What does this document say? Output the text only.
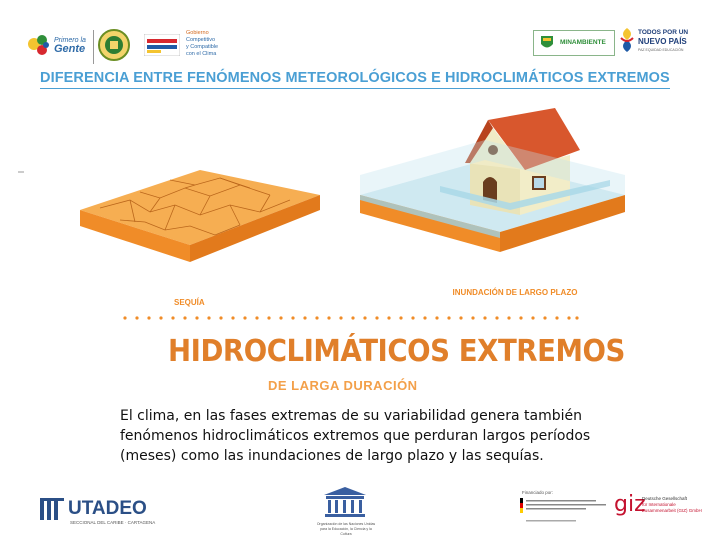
Primero la
Gente
Gobierno
Competitivo
y Compatible
con el Clima
MINAMBIENTE
TODOS POR UN
NUEVO PAÍS
PAZ EQUIDAD EDUCACIÓN
DIFERENCIA ENTRE FENÓMENOS METEOROLÓGICOS E HIDROCLIMÁTICOS EXTREMOS
SEQUÍA
INUNDACIÓN DE LARGO PLAZO
HIDROCLIMÁTICOS EXTREMOS
DE LARGA DURACIÓN
El clima, en las fases extremas de su variabilidad genera también fenómenos hidroclimáticos extremos que perduran largos períodos (meses) como las inundaciones de largo plazo y las sequías.
UTADEO
SECCIONAL DEL CARIBE · CARTAGENA	Organización de las Naciones Unidas para la Educación, la Ciencia y la Cultura
Financiado por:	giz
Deutsche Gesellschaft
für Internationale
Zusammenarbeit (GIZ) GmbH
